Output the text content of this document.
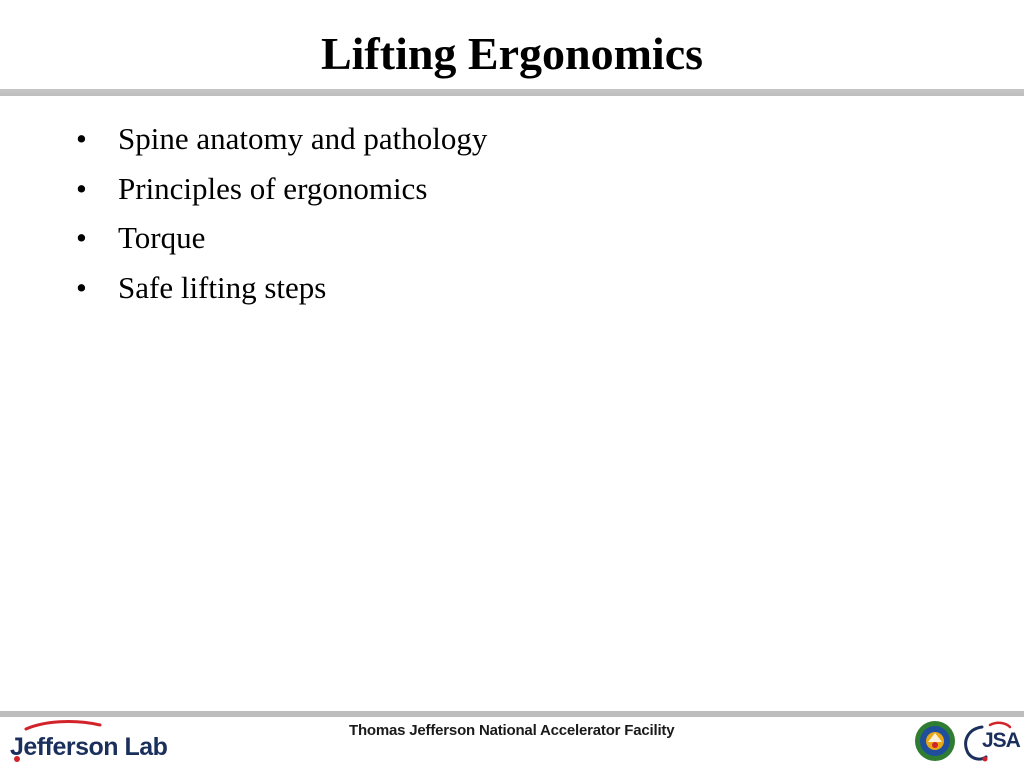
Lifting Ergonomics
• Spine anatomy and pathology
• Principles of ergonomics
• Torque
• Safe lifting steps
Jefferson Lab
Thomas Jefferson National Accelerator Facility	JSA
